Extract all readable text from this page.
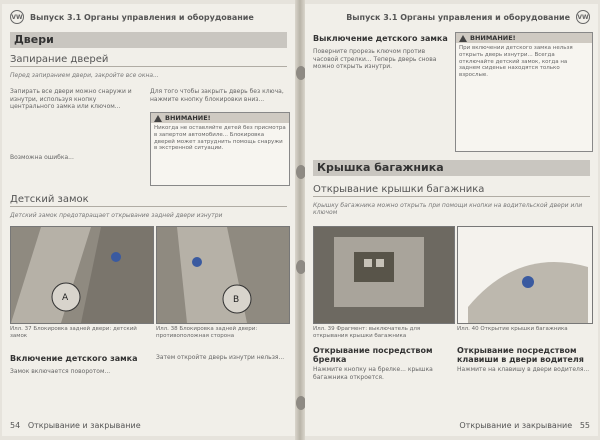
VW Выпуск 3.1 Органы управления и оборудование
Двери
Запирание дверей
Перед запиранием двери, закройте все окна...
Запирать все двери можно снаружи и изнутри, используя кнопку центрального замка или ключом...
Возможна ошибка...
Для того чтобы закрыть дверь без ключа, нажмите кнопку блокировки вниз...
ВНИМАНИЕ!
Никогда не оставляйте детей без присмотра в запертом автомобиле... Блокировка дверей может затруднить помощь снаружи в экстренной ситуации.
Детский замок
Детский замок предотвращает открывание задней двери изнутри
A	B
Илл. 37 Блокировка задней двери: детский замок
Илл. 38 Блокировка задней двери: противоположная сторона
Включение детского замка
Замок включается поворотом...
Затем откройте дверь изнутри нельзя...
54 Открывание и закрывание
Выпуск 3.1 Органы управления и оборудование VW
Выключение детского замка
Поверните прорезь ключом против часовой стрелки... Теперь дверь снова можно открыть изнутри.
ВНИМАНИЕ!
При включении детского замка нельзя открыть дверь изнутри... Всегда отключайте детский замок, когда на заднем сиденье находятся только взрослые.
Крышка багажника
Открывание крышки багажника
Крышку багажника можно открыть при помощи кнопки на водительской двери или ключом
Илл. 39 Фрагмент: выключатель для открывания крышки багажника
Илл. 40 Открытие крышки багажника
Открывание посредством брелка
Нажмите кнопку на брелке... крышка багажника откроется.
Открывание посредством клавиши в двери водителя
Нажмите на клавишу в двери водителя...
Открывание и закрывание 55
